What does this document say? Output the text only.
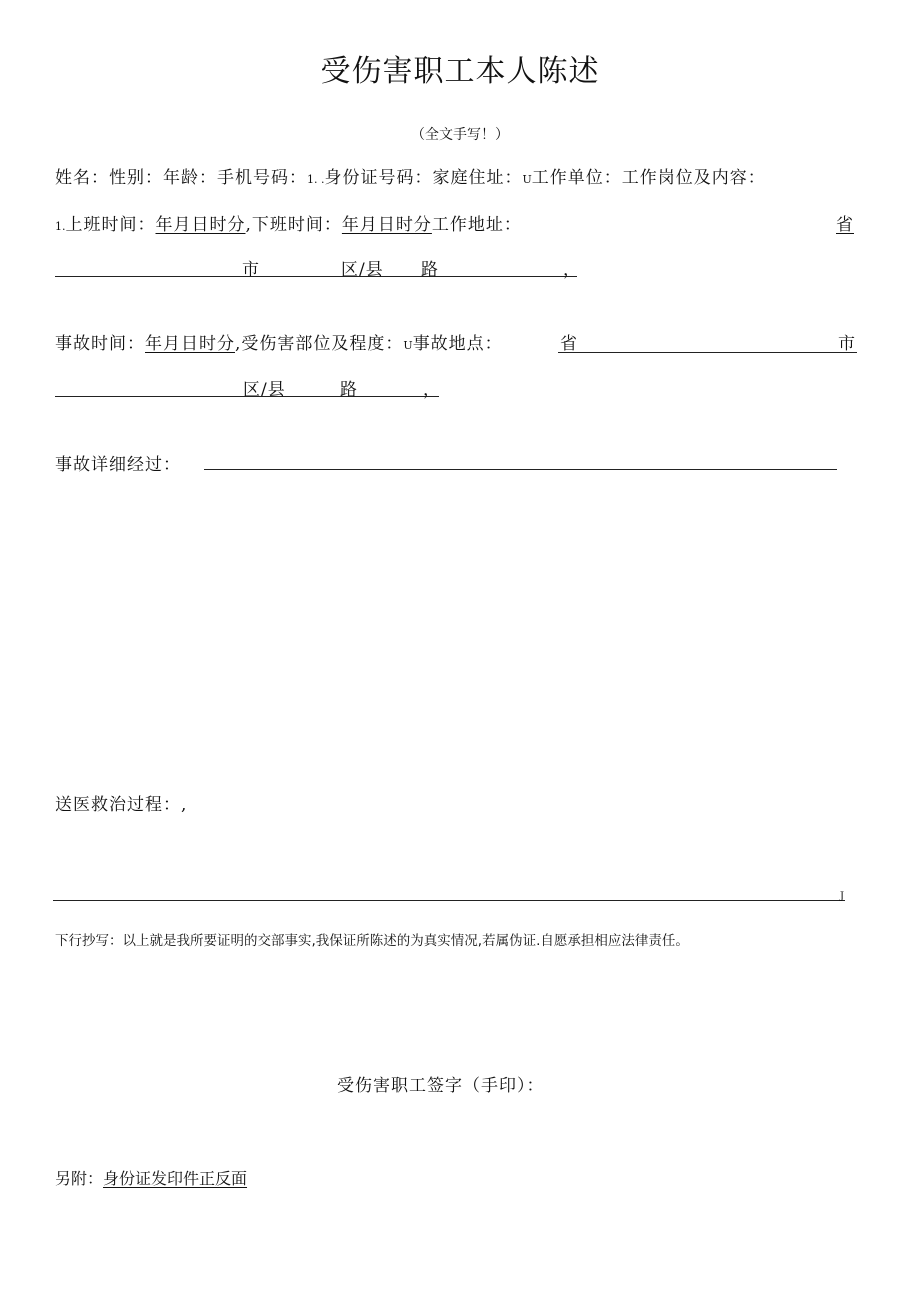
受伤害职工本人陈述
（全文手写！）
姓名：性别：年龄：手机号码：1. .身份证号码：家庭住址：U工作单位：工作岗位及内容：
1.上班时间：年月日时分,下班时间：年月日时分工作地址：	省
市	区/县 路	，
事故时间：年月日时分,受伤害部位及程度：U事故地点：	省	市
区/县	路	，
事故详细经过：
送医救治过程：,
J
下行抄写：以上就是我所要证明的交部事实,我保证所陈述的为真实情况,若属伪证.自愿承担相应法律责任。
受伤害职工签字（手印）：
另附：身份证发印件正反面
